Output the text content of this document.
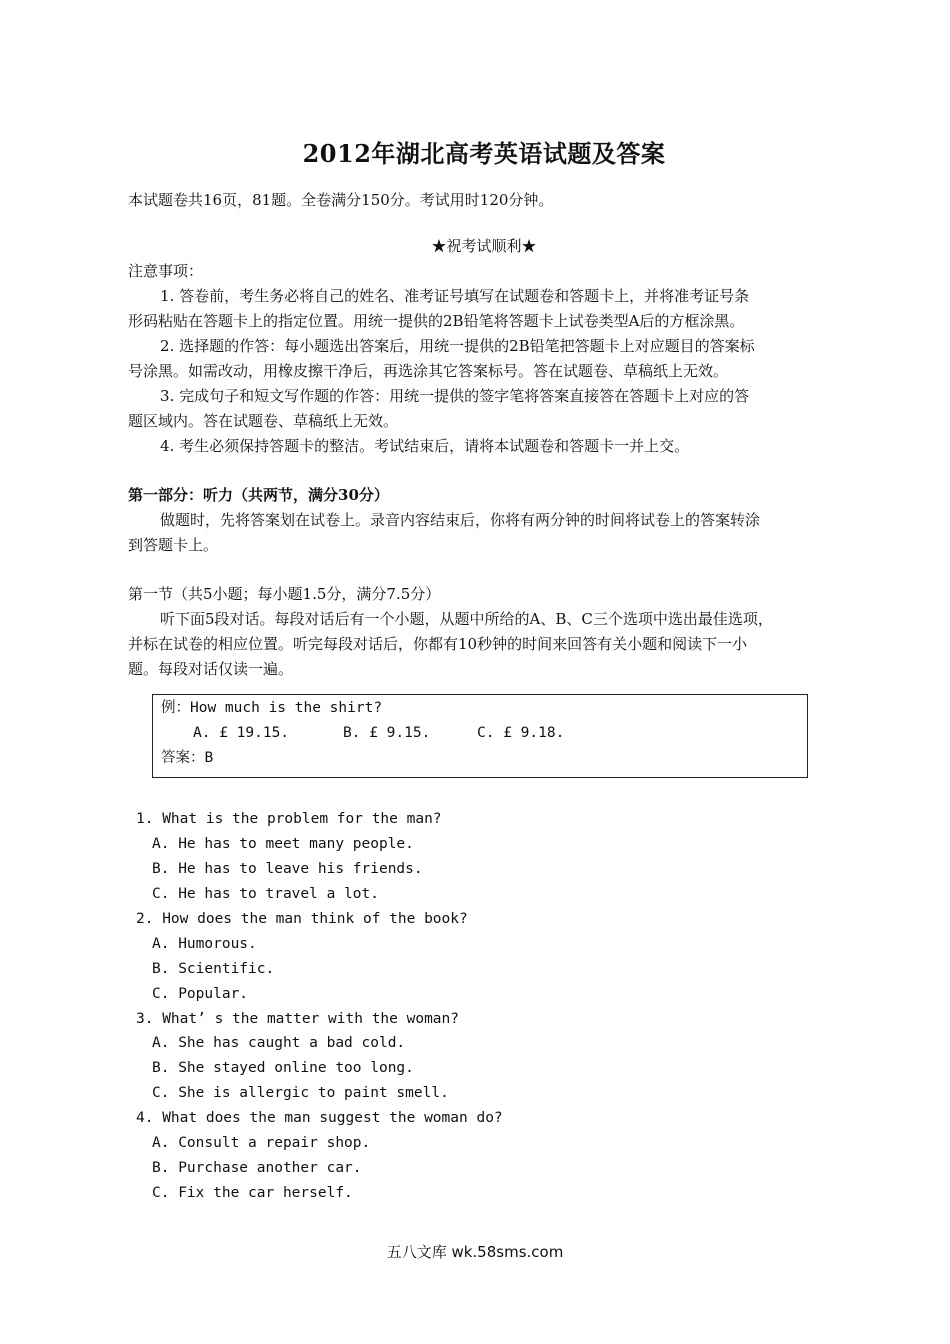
2012年湖北高考英语试题及答案
本试题卷共16页，81题。全卷满分150分。考试用时120分钟。
★祝考试顺利★
注意事项：
1. 答卷前，考生务必将自己的姓名、准考证号填写在试题卷和答题卡上，并将准考证号条
形码粘贴在答题卡上的指定位置。用统一提供的2B铅笔将答题卡上试卷类型A后的方框涂黑。
2. 选择题的作答：每小题选出答案后，用统一提供的2B铅笔把答题卡上对应题目的答案标
号涂黑。如需改动，用橡皮擦干净后，再选涂其它答案标号。答在试题卷、草稿纸上无效。
3. 完成句子和短文写作题的作答：用统一提供的签字笔将答案直接答在答题卡上对应的答
题区域内。答在试题卷、草稿纸上无效。
4. 考生必须保持答题卡的整洁。考试结束后，请将本试题卷和答题卡一并上交。
第一部分：听力（共两节，满分30分）
做题时，先将答案划在试卷上。录音内容结束后，你将有两分钟的时间将试卷上的答案转涂
到答题卡上。
第一节（共5小题；每小题1.5分，满分7.5分）
听下面5段对话。每段对话后有一个小题，从题中所给的A、B、C三个选项中选出最佳选项，
并标在试卷的相应位置。听完每段对话后，你都有10秒钟的时间来回答有关小题和阅读下一小
题。每段对话仅读一遍。
例：How much is the shirt?
A. £ 19.15.	B. £ 9.15.	C. £ 9.18.
答案：B
1. What is the problem for the man?
A. He has to meet many people.
B. He has to leave his friends.
C. He has to travel a lot.
2. How does the man think of the book?
A. Humorous.
B. Scientific.
C. Popular.
3. What’ s the matter with the woman?
A. She has caught a bad cold.
B. She stayed online too long.
C. She is allergic to paint smell.
4. What does the man suggest the woman do?
A. Consult a repair shop.
B. Purchase another car.
C. Fix the car herself.
五八文库 wk.58sms.com
